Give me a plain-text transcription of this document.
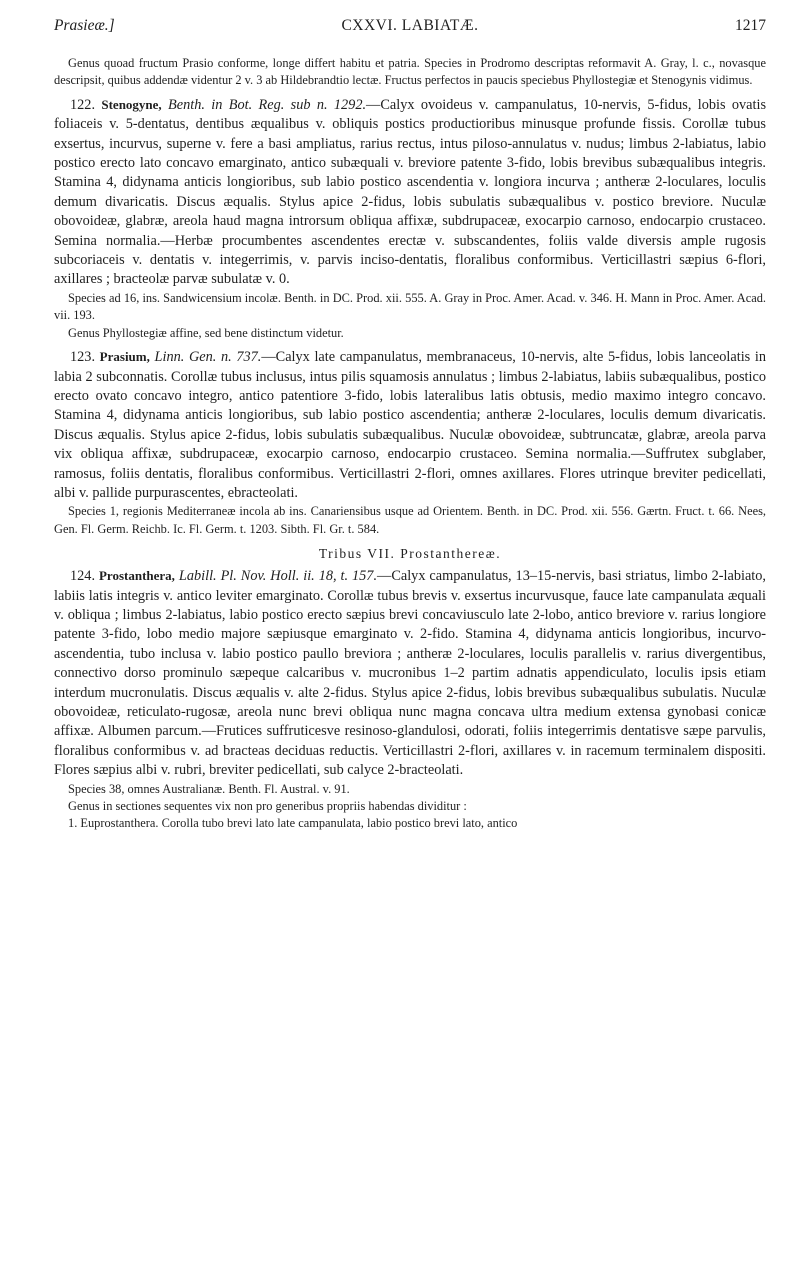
Prasieæ.]	CXXVI. LABIATÆ.	1217

Genus quoad fructum Prasio conforme, longe differt habitu et patria. Species in Prodromo descriptas reformavit A. Gray, l. c., novasque descripsit, quibus addendæ videntur 2 v. 3 ab Hildebrandtio lectæ. Fructus perfectos in paucis speciebus Phyllostegiæ et Stenogynis vidimus.

122. Stenogyne, Benth. in Bot. Reg. sub n. 1292.—Calyx ovoideus v. campanulatus, 10-nervis, 5-fidus, lobis ovatis foliaceis v. 5-dentatus, dentibus æqualibus v. obliquis postics productioribus minusque profunde fissis. Corollæ tubus exsertus, incurvus, superne v. fere a basi ampliatus, rarius rectus, intus piloso-annulatus v. nudus; limbus 2-labiatus, labio postico erecto lato concavo emarginato, antico subæquali v. breviore patente 3-fido, lobis brevibus subæqualibus integris. Stamina 4, didynama anticis longioribus, sub labio postico ascendentia v. longiora incurva ; antheræ 2-loculares, loculis demum divaricatis. Discus æqualis. Stylus apice 2-fidus, lobis subulatis subæqualibus v. postico breviore. Nuculæ obovoideæ, glabræ, areola haud magna introrsum obliqua affixæ, subdrupaceæ, exocarpio carnoso, endocarpio crustaceo. Semina normalia.—Herbæ procumbentes ascendentes erectæ v. subscandentes, foliis valde diversis ample rugosis subcoriaceis v. dentatis v. integerrimis, v. parvis inciso-dentatis, floralibus conformibus. Verticillastri sæpius 6-flori, axillares ; bracteolæ parvæ subulatæ v. 0.

Species ad 16, ins. Sandwicensium incolæ. Benth. in DC. Prod. xii. 555. A. Gray in Proc. Amer. Acad. v. 346. H. Mann in Proc. Amer. Acad. vii. 193.

Genus Phyllostegiæ affine, sed bene distinctum videtur.

123. Prasium, Linn. Gen. n. 737.—Calyx late campanulatus, membranaceus, 10-nervis, alte 5-fidus, lobis lanceolatis in labia 2 subconnatis. Corollæ tubus inclusus, intus pilis squamosis annulatus ; limbus 2-labiatus, labiis subæqualibus, postico erecto ovato concavo integro, antico patentiore 3-fido, lobis lateralibus latis obtusis, medio maximo integro concavo. Stamina 4, didynama anticis longioribus, sub labio postico ascendentia; antheræ 2-loculares, loculis demum divaricatis. Discus æqualis. Stylus apice 2-fidus, lobis subulatis subæqualibus. Nuculæ obovoideæ, subtruncatæ, glabræ, areola parva vix obliqua affixæ, subdrupaceæ, exocarpio carnoso, endocarpio crustaceo. Semina normalia.—Suffrutex subglaber, ramosus, foliis dentatis, floralibus conformibus. Verticillastri 2-flori, omnes axillares. Flores utrinque breviter pedicellati, albi v. pallide purpurascentes, ebracteolati.

Species 1, regionis Mediterraneæ incola ab ins. Canariensibus usque ad Orientem. Benth. in DC. Prod. xii. 556. Gærtn. Fruct. t. 66. Nees, Gen. Fl. Germ. Reichb. Ic. Fl. Germ. t. 1203. Sibth. Fl. Gr. t. 584.

Tribus VII. Prostanthereæ.

124. Prostanthera, Labill. Pl. Nov. Holl. ii. 18, t. 157.—Calyx campanulatus, 13–15-nervis, basi striatus, limbo 2-labiato, labiis latis integris v. antico leviter emarginato. Corollæ tubus brevis v. exsertus incurvusque, fauce late campanulata æquali v. obliqua ; limbus 2-labiatus, labio postico erecto sæpius brevi concaviusculo late 2-lobo, antico breviore v. rarius longiore patente 3-fido, lobo medio majore sæpiusque emarginato v. 2-fido. Stamina 4, didynama anticis longioribus, incurvo-ascendentia, tubo inclusa v. labio postico paullo breviora ; antheræ 2-loculares, loculis parallelis v. rarius divergentibus, connectivo dorso prominulo sæpeque calcaribus v. mucronibus 1–2 partim adnatis appendiculato, loculis ipsis etiam interdum mucronulatis. Discus æqualis v. alte 2-fidus. Stylus apice 2-fidus, lobis brevibus subæqualibus subulatis. Nuculæ obovoideæ, reticulato-rugosæ, areola nunc brevi obliqua nunc magna concava ultra medium extensa gynobasi conicæ affixæ. Albumen parcum.—Frutices suffruticesve resinoso-glandulosi, odorati, foliis integerrimis dentatisve sæpe parvulis, floralibus conformibus v. ad bracteas deciduas reductis. Verticillastri 2-flori, axillares v. in racemum terminalem dispositi. Flores sæpius albi v. rubri, breviter pedicellati, sub calyce 2-bracteolati.

Species 38, omnes Australianæ. Benth. Fl. Austral. v. 91.

Genus in sectiones sequentes vix non pro generibus propriis habendas dividitur :

1. Euprostanthera. Corolla tubo brevi lato late campanulata, labio postico brevi lato, antico
